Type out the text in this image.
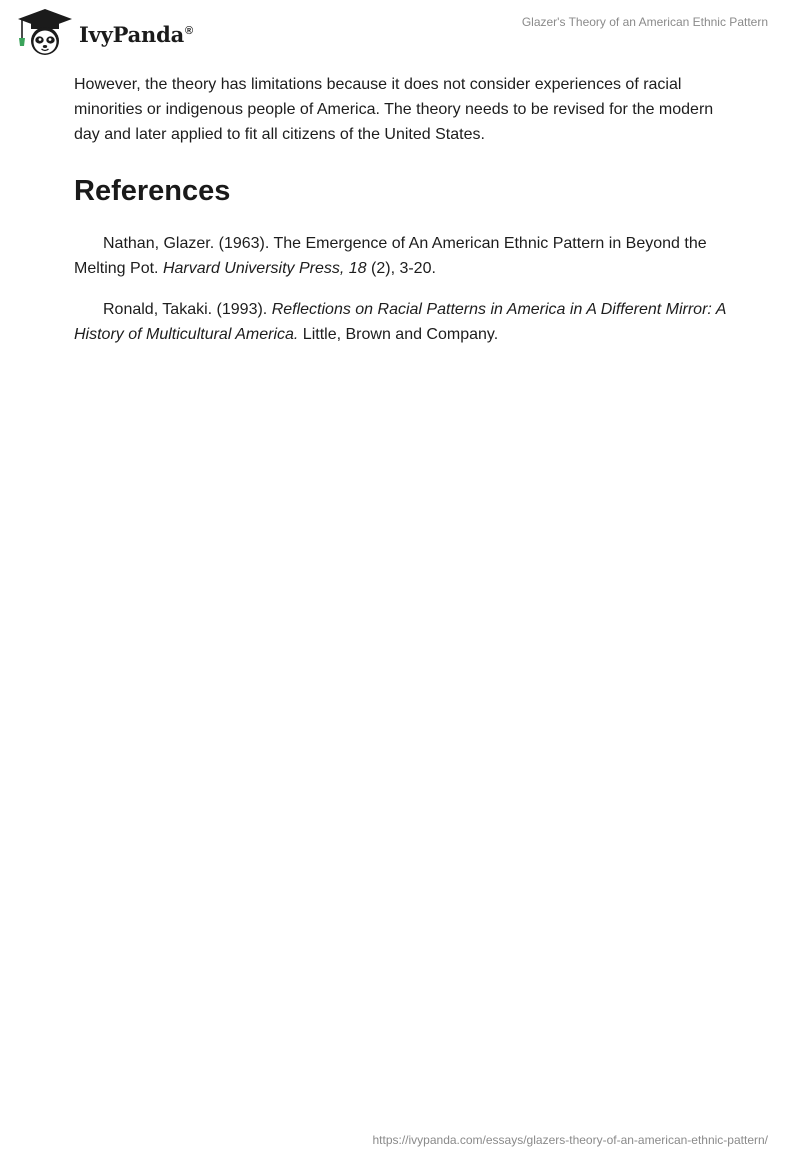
IvyPanda®
Glazer's Theory of an American Ethnic Pattern

However, the theory has limitations because it does not consider experiences of racial minorities or indigenous people of America. The theory needs to be revised for the modern day and later applied to fit all citizens of the United States.

References

Nathan, Glazer. (1963). The Emergence of An American Ethnic Pattern in Beyond the Melting Pot. Harvard University Press, 18 (2), 3-20.

Ronald, Takaki. (1993). Reflections on Racial Patterns in America in A Different Mirror: A History of Multicultural America. Little, Brown and Company.

https://ivypanda.com/essays/glazers-theory-of-an-american-ethnic-pattern/
